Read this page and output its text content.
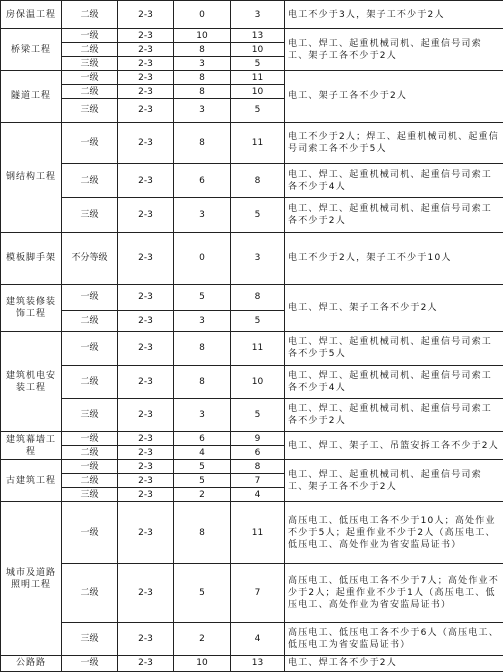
房保温工程	二级	2-3	0	3	电工不少于3人，架子工不少于2人
桥梁工程	一级	2-3	10	13	电工、焊工、起重机械司机、起重信号司索工、架子工各不少于2人
	二级	2-3	8	10	
	三级	2-3	3	5	
隧道工程	一级	2-3	8	11	电工、架子工各不少于2人
	二级	2-3	8	10	
	三级	2-3	3	5	
钢结构工程	一级	2-3	8	11	电工不少于2人；焊工、起重机械司机、起重信号司索工各不少于5人
	二级	2-3	6	8	电工、焊工、起重机械司机、起重信号司索工各不少于4人
	三级	2-3	3	5	电工、焊工、起重机械司机、起重信号司索工各不少于2人
模板脚手架	不分等级	2-3	0	3	电工不少于2人，架子工不少于10人
建筑装修装饰工程	一级	2-3	5	8	电工、焊工、架子工各不少于2人
	二级	2-3	3	5	
建筑机电安装工程	一级	2-3	8	11	电工、焊工、起重机械司机、起重信号司索工各不少于5人
	二级	2-3	8	10	电工、焊工、起重机械司机、起重信号司索工各不少于4人
	三级	2-3	3	5	电工、焊工、起重机械司机、起重信号司索工各不少于2人
建筑幕墙工程	一级	2-3	6	9	电工、焊工、架子工、吊篮安拆工各不少于2人
	二级	2-3	4	6	
古建筑工程	一级	2-3	5	8	电工、焊工、起重机械司机、起重信号司索工、架子工各不少于2人
	二级	2-3	5	7	
	三级	2-3	2	4	
城市及道路照明工程	一级	2-3	8	11	高压电工、低压电工各不少于10人；高处作业不少于5人；起重作业不少于2人（高压电工、低压电工、高处作业为省安监局证书）
	二级	2-3	5	7	高压电工、低压电工各不少于7人；高处作业不少于2人；起重作业不少于1人（高压电工、低压电工、高处作业为省安监局证书）
	三级	2-3	2	4	高压电工、低压电工各不少于6人（高压电工、低压电工为省安监局证书）
公路路	一级	2-3	10	13	电工、焊工各不少于2人
